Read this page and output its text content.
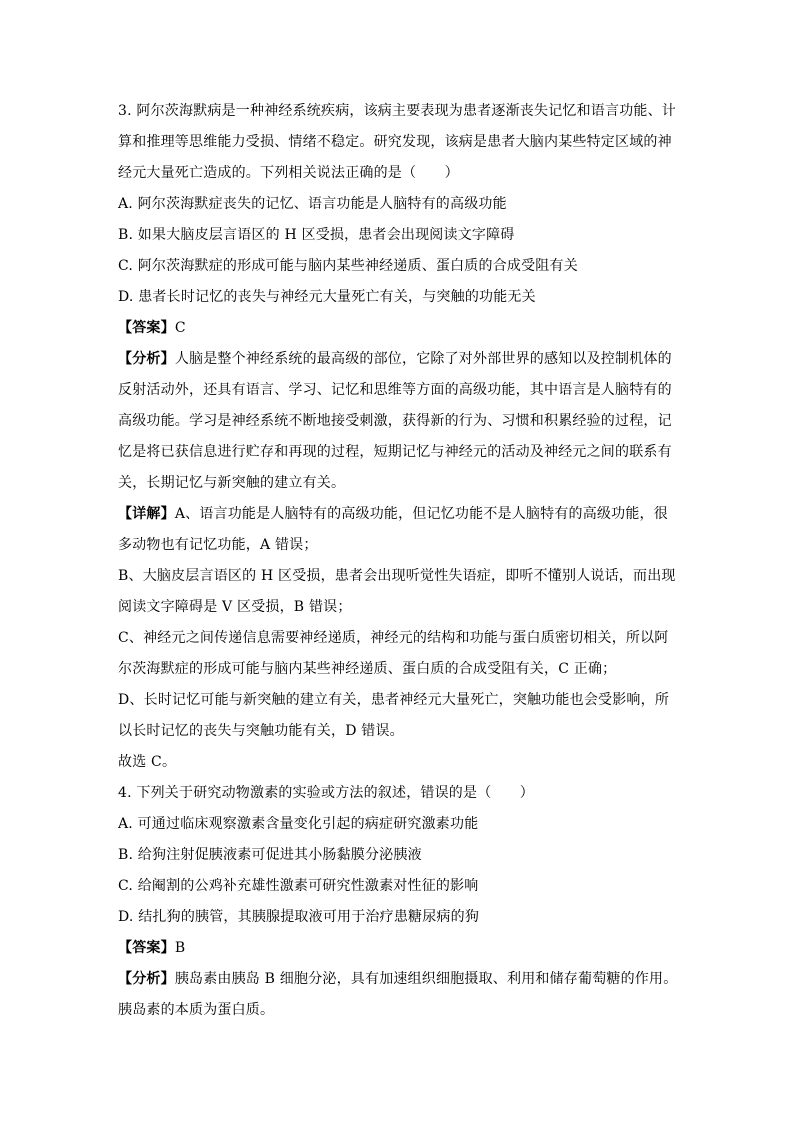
3. 阿尔茨海默病是一种神经系统疾病，该病主要表现为患者逐渐丧失记忆和语言功能、计
算和推理等思维能力受损、情绪不稳定。研究发现，该病是患者大脑内某些特定区域的神
经元大量死亡造成的。下列相关说法正确的是（　　）
A. 阿尔茨海默症丧失的记忆、语言功能是人脑特有的高级功能
B. 如果大脑皮层言语区的 H 区受损，患者会出现阅读文字障碍
C. 阿尔茨海默症的形成可能与脑内某些神经递质、蛋白质的合成受阻有关
D. 患者长时记忆的丧失与神经元大量死亡有关，与突触的功能无关
【答案】C
【分析】人脑是整个神经系统的最高级的部位，它除了对外部世界的感知以及控制机体的
反射活动外，还具有语言、学习、记忆和思维等方面的高级功能，其中语言是人脑特有的
高级功能。学习是神经系统不断地接受刺激，获得新的行为、习惯和积累经验的过程，记
忆是将已获信息进行贮存和再现的过程，短期记忆与神经元的活动及神经元之间的联系有
关，长期记忆与新突触的建立有关。
【详解】A、语言功能是人脑特有的高级功能，但记忆功能不是人脑特有的高级功能，很
多动物也有记忆功能，A 错误；
B、大脑皮层言语区的 H 区受损，患者会出现听觉性失语症，即听不懂别人说话，而出现
阅读文字障碍是 V 区受损，B 错误；
C、神经元之间传递信息需要神经递质，神经元的结构和功能与蛋白质密切相关，所以阿
尔茨海默症的形成可能与脑内某些神经递质、蛋白质的合成受阻有关，C 正确；
D、长时记忆可能与新突触的建立有关，患者神经元大量死亡，突触功能也会受影响，所
以长时记忆的丧失与突触功能有关，D 错误。
故选 C。
4. 下列关于研究动物激素的实验或方法的叙述，错误的是（　　）
A. 可通过临床观察激素含量变化引起的病症研究激素功能
B. 给狗注射促胰液素可促进其小肠黏膜分泌胰液
C. 给阉割的公鸡补充雄性激素可研究性激素对性征的影响
D. 结扎狗的胰管，其胰腺提取液可用于治疗患糖尿病的狗
【答案】B
【分析】胰岛素由胰岛 B 细胞分泌，具有加速组织细胞摄取、利用和储存葡萄糖的作用。
胰岛素的本质为蛋白质。
